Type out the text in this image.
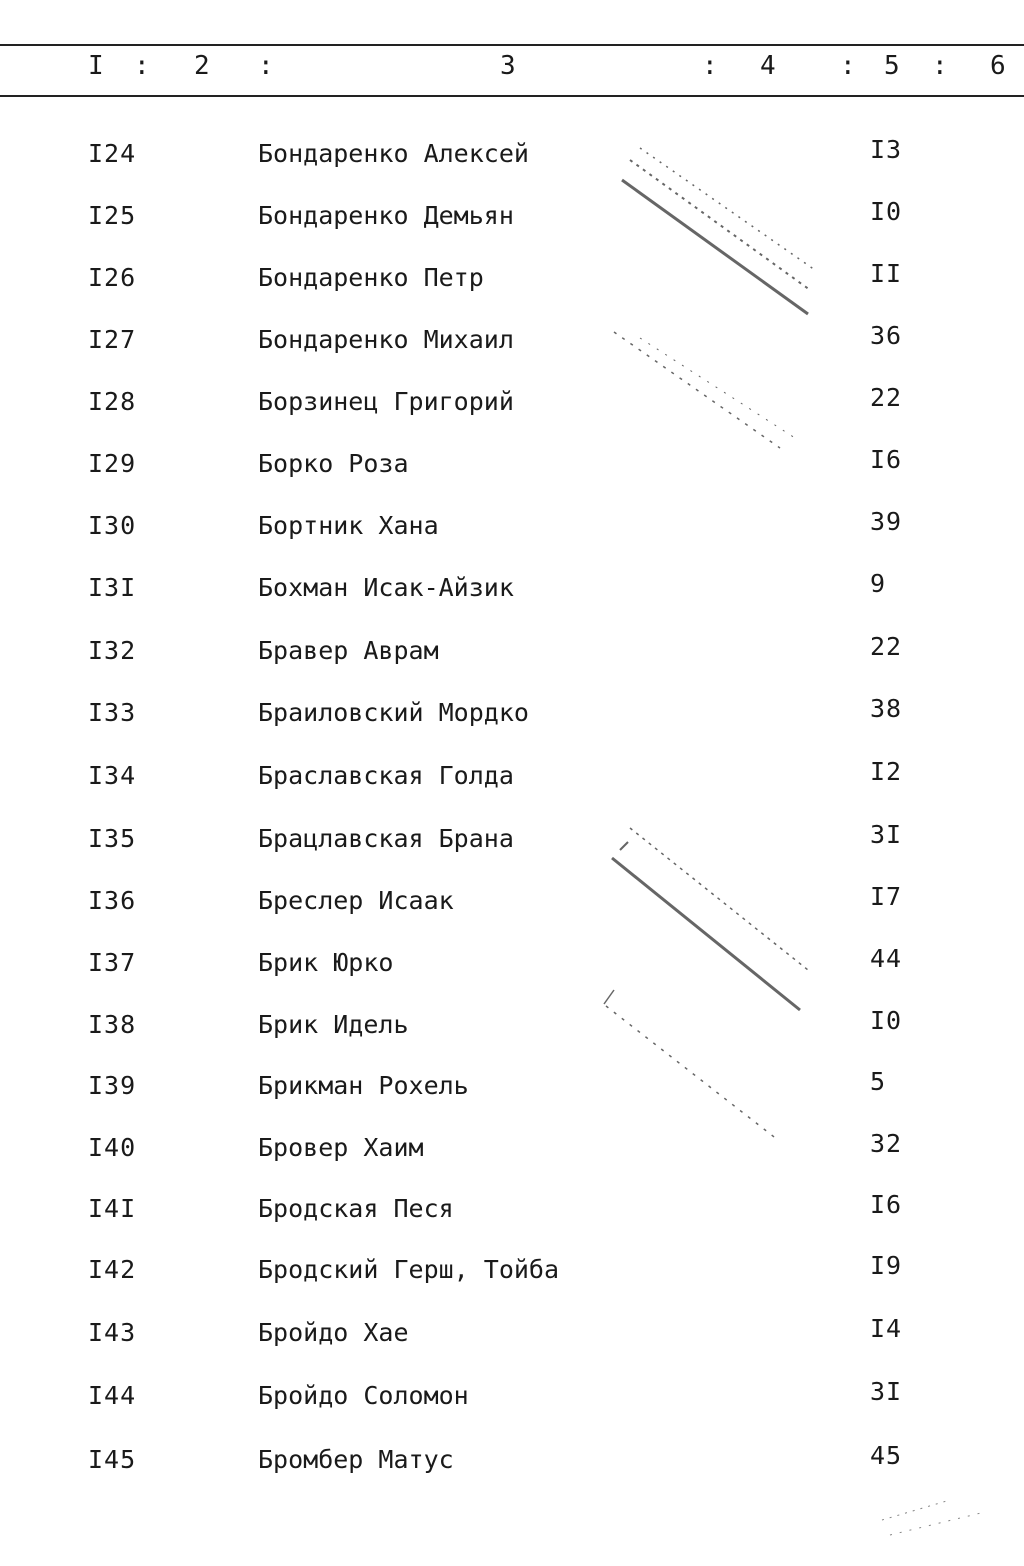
I : 2 :	3	: 4 : 5 : 6
I24	Бондаренко Алексей	I3
I25	Бондаренко Демьян	I0
I26	Бондаренко Петр	II
I27	Бондаренко Михаил	36
I28	Борзинец Григорий	22
I29	Борко Роза	I6
I30	Бортник Хана	39
I3I	Бохман Исак-Айзик	9
I32	Бравер Аврам	22
I33	Браиловский Мордко	38
I34	Браславская Голда	I2
I35	Брацлавская Брана	3I
I36	Бреслер Исаак	I7
I37	Брик Юрко	44
I38	Брик Идель	I0
I39	Брикман Рохель	5
I40	Бровер Хаим	32
I4I	Бродская Песя	I6
I42	Бродский Герш, Тойба	I9
I43	Бройдо Хае	I4
I44	Бройдо Соломон	3I
I45	Бромбер Матус	45
